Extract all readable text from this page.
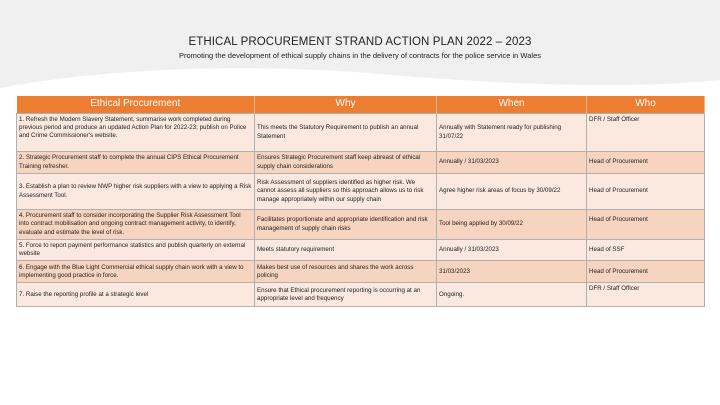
ETHICAL PROCUREMENT STRAND ACTION PLAN 2022 – 2023
Promoting the development of ethical supply chains in the delivery of contracts for the police service in Wales
Ethical Procurement	Why	When	Who
1. Refresh the Modern Slavery Statement, summarise work completed during previous period and produce an updated Action Plan for 2022-23; publish on Police and Crime Commissioner's website.	This meets the Statutory Requirement to publish an annual Statement	Annually with Statement ready for publishing 31/07/22	DFR / Staff Officer
2. Strategic Procurement staff to complete the annual CIPS Ethical Procurement Training refresher.	Ensures Strategic Procurement staff keep abreast of ethical supply chain considerations	Annually / 31/03/2023	Head of Procurement
3. Establish a plan to review NWP higher risk suppliers with a view to applying a Risk Assessment Tool.	Risk Assessment of suppliers identified as higher risk. We cannot assess all suppliers so this approach allows us to risk manage appropriately within our supply chain	Agree higher risk areas of focus by 30/09/22	Head of Procurement
4. Procurement staff to consider incorporating the Supplier Risk Assessment Tool into contract mobilisation and ongoing contract management activity, to identify, evaluate and estimate the level of risk.	Facilitates proportionate and appropriate identification and risk management of supply chain risks	Tool being applied by 30/09/22	Head of Procurement
5. Force to report payment performance statistics and publish quarterly on external website	Meets statutory requirement	Annually / 31/03/2023	Head of SSF
6. Engage with the Blue Light Commercial ethical supply chain work with a view to implementing good practice in force.	Makes best use of resources and shares the work across policing	31/03/2023	Head of Procurement
7. Raise the reporting profile at a strategic level	Ensure that Ethical procurement reporting is occurring at an appropriate level and frequency	Ongoing.	DFR / Staff Officer
